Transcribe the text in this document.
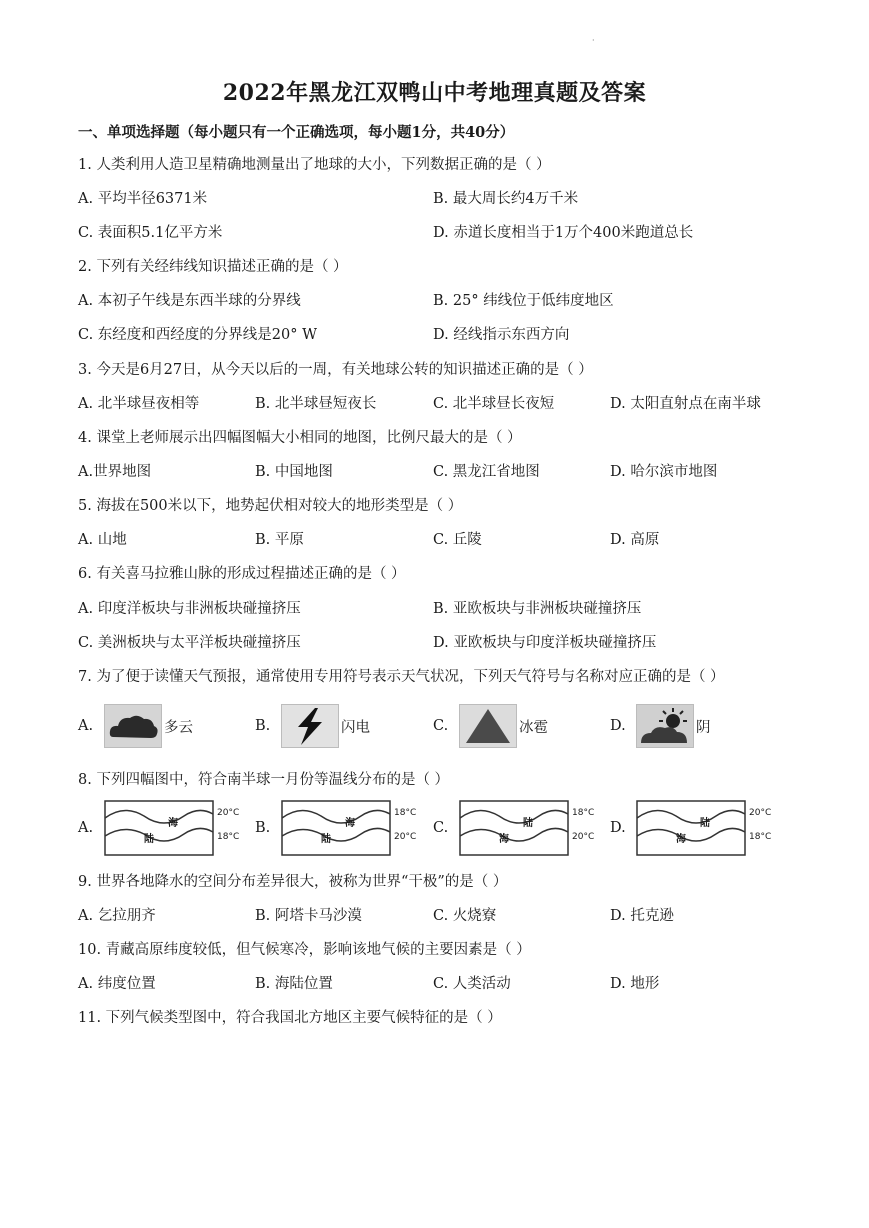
·
2022年黑龙江双鸭山中考地理真题及答案
一、单项选择题（每小题只有一个正确选项，每小题1分，共40分）
1. 人类利用人造卫星精确地测量出了地球的大小，下列数据正确的是（ ）
A. 平均半径6371米	B. 最大周长约4万千米
C. 表面积5.1亿平方米	D. 赤道长度相当于1万个400米跑道总长
2. 下列有关经纬线知识描述正确的是（ ）
A. 本初子午线是东西半球的分界线	B. 25° 纬线位于低纬度地区
C. 东经度和西经度的分界线是20° W	D. 经线指示东西方向
3. 今天是6月27日，从今天以后的一周，有关地球公转的知识描述正确的是（ ）
A. 北半球昼夜相等	B. 北半球昼短夜长	C. 北半球昼长夜短	D. 太阳直射点在南半球
4. 课堂上老师展示出四幅图幅大小相同的地图，比例尺最大的是（ ）
A.世界地图	B. 中国地图	C. 黑龙江省地图	D. 哈尔滨市地图
5. 海拔在500米以下，地势起伏相对较大的地形类型是（ ）
A. 山地	B. 平原	C. 丘陵	D. 高原
6. 有关喜马拉雅山脉的形成过程描述正确的是（ ）
A. 印度洋板块与非洲板块碰撞挤压	B. 亚欧板块与非洲板块碰撞挤压
C. 美洲板块与太平洋板块碰撞挤压	D. 亚欧板块与印度洋板块碰撞挤压
7. 为了便于读懂天气预报，通常使用专用符号表示天气状况，下列天气符号与名称对应正确的是（ ）
A.	多云	B.	闪电	C.	冰雹	D.	阴
8. 下列四幅图中，符合南半球一月份等温线分布的是（ ）
9. 世界各地降水的空间分布差异很大，被称为世界“干极”的是（ ）
A. 乞拉朋齐	B. 阿塔卡马沙漠	C. 火烧寮	D. 托克逊
10. 青藏高原纬度较低，但气候寒冷，影响该地气候的主要因素是（ ）
A. 纬度位置	B. 海陆位置	C. 人类活动	D. 地形
11. 下列气候类型图中，符合我国北方地区主要气候特征的是（ ）
A.	海
陆
20°C
18°C
B.	海
陆
18°C
20°C
C.	陆
海
18°C
20°C
D.	陆
海
20°C
18°C
